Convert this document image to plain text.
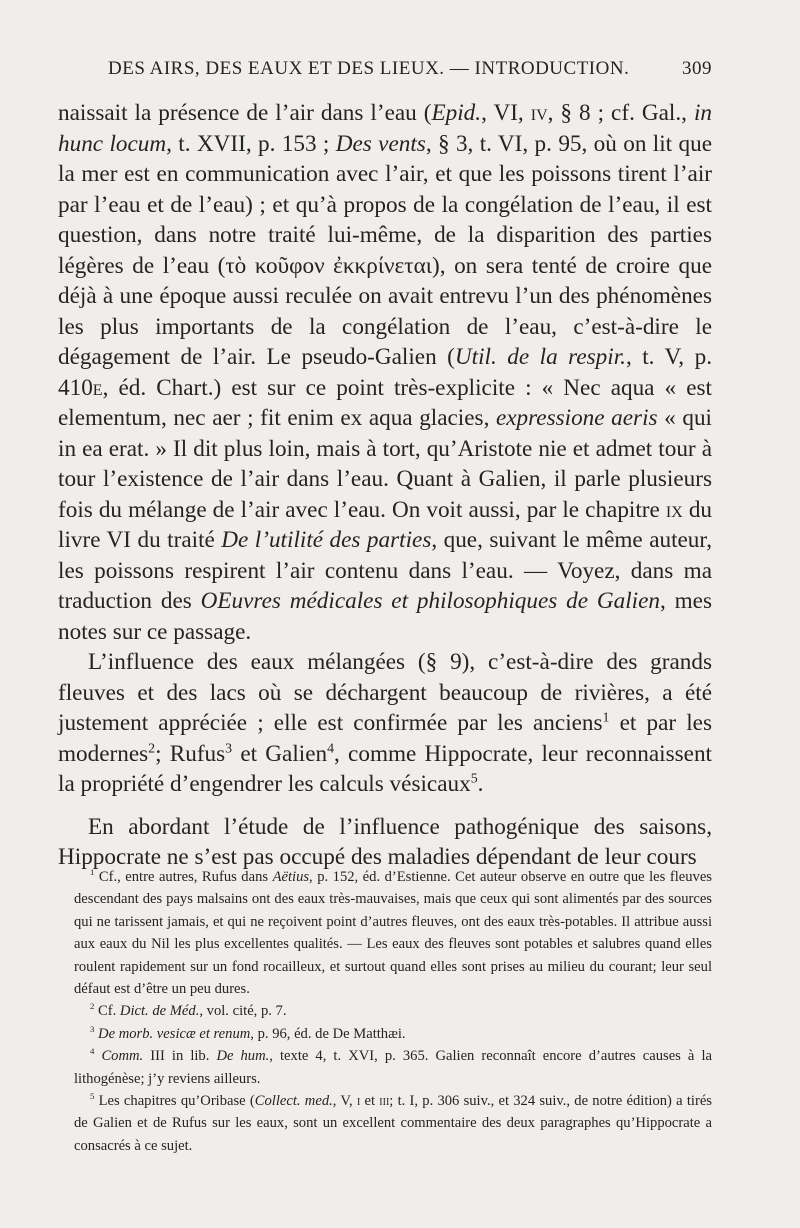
DES AIRS, DES EAUX ET DES LIEUX. — INTRODUCTION.	309

naissait la présence de l’air dans l’eau (Epid., VI, iv, § 8 ; cf. Gal., in hunc locum, t. XVII, p. 153 ; Des vents, § 3, t. VI, p. 95, où on lit que la mer est en communication avec l’air, et que les poissons tirent l’air par l’eau et de l’eau) ; et qu’à propos de la congélation de l’eau, il est question, dans notre traité lui-même, de la disparition des parties légères de l’eau (τὸ κοῦφον ἐκκρίνεται), on sera tenté de croire que déjà à une époque aussi reculée on avait entrevu l’un des phénomènes les plus importants de la congélation de l’eau, c’est-à-dire le dégagement de l’air. Le pseudo-Galien (Util. de la respir., t. V, p. 410e, éd. Chart.) est sur ce point très-explicite : « Nec aqua « est elementum, nec aer ; fit enim ex aqua glacies, expressione aeris « qui in ea erat. » Il dit plus loin, mais à tort, qu’Aristote nie et admet tour à tour l’existence de l’air dans l’eau. Quant à Galien, il parle plusieurs fois du mélange de l’air avec l’eau. On voit aussi, par le chapitre ix du livre VI du traité De l’utilité des parties, que, suivant le même auteur, les poissons respirent l’air contenu dans l’eau. — Voyez, dans ma traduction des OEuvres médicales et philosophiques de Galien, mes notes sur ce passage.

L’influence des eaux mélangées (§ 9), c’est-à-dire des grands fleuves et des lacs où se déchargent beaucoup de rivières, a été justement appréciée ; elle est confirmée par les anciens$^1$ et par les modernes$^2$; Rufus$^3$ et Galien$^4$, comme Hippocrate, leur reconnaissent la propriété d’engendrer les calculs vésicaux$^5$.

En abordant l’étude de l’influence pathogénique des saisons, Hippocrate ne s’est pas occupé des maladies dépendant de leur cours

$^1$ Cf., entre autres, Rufus dans Aëtius, p. 152, éd. d’Estienne. Cet auteur observe en outre que les fleuves descendant des pays malsains ont des eaux très-mauvaises, mais que ceux qui sont alimentés par des sources qui ne tarissent jamais, et qui ne reçoivent point d’autres fleuves, ont des eaux très-potables. Il attribue aussi aux eaux du Nil les plus excellentes qualités. — Les eaux des fleuves sont potables et salubres quand elles roulent rapidement sur un fond rocailleux, et surtout quand elles sont prises au milieu du courant; leur seul défaut est d’être un peu dures.

$^2$ Cf. Dict. de Méd., vol. cité, p. 7.

$^3$ De morb. vesicæ et renum, p. 96, éd. de De Matthæi.

$^4$ Comm. III in lib. De hum., texte 4, t. XVI, p. 365. Galien reconnaît encore d’autres causes à la lithogénèse; j’y reviens ailleurs.

$^5$ Les chapitres qu’Oribase (Collect. med., V, i et iii; t. I, p. 306 suiv., et 324 suiv., de notre édition) a tirés de Galien et de Rufus sur les eaux, sont un excellent commentaire des deux paragraphes qu’Hippocrate a consacrés à ce sujet.
